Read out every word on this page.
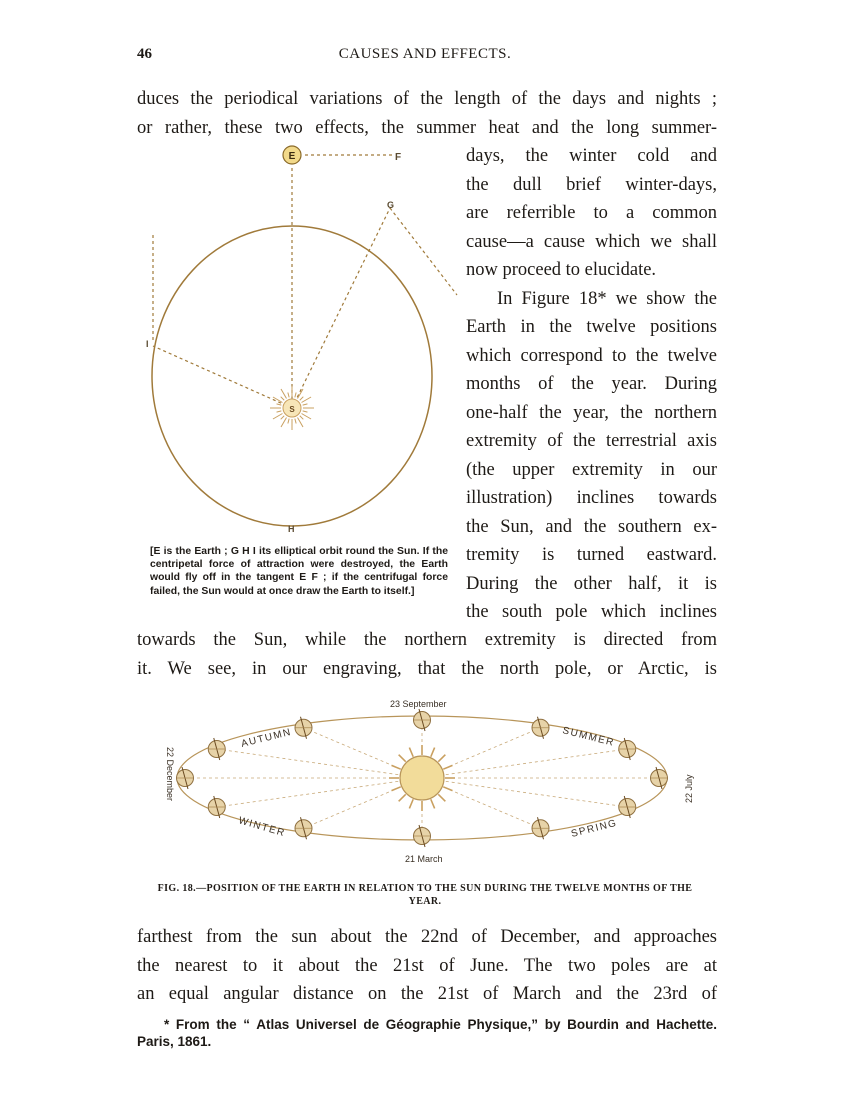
46	CAUSES AND EFFECTS.
duces the periodical variations of the length of the days and nights ;
or rather, these two effects, the summer heat and the long summer-
days, the winter cold and
the dull brief winter-days,
are referrible to a common
cause—a cause which we shall
now proceed to elucidate.
In Figure 18* we show the
Earth in the twelve positions
which correspond to the twelve
months of the year. During
one-half the year, the northern
extremity of the terrestrial axis
(the upper extremity in our
illustration) inclines towards
the Sun, and the southern ex-
tremity is turned eastward.
During the other half, it is
the south pole which inclines
E	F
G
H
I
S
[E is the Earth ; G H I its elliptical orbit round the Sun. If the centripetal force of attraction were destroyed, the Earth would fly off in the tangent E F ; if the centrifugal force failed, the Sun would at once draw the Earth to itself.]
towards the Sun, while the northern extremity is directed from
it. We see, in our engraving, that the north pole, or Arctic, is
23 September
21 March
22 December	22 July
AUTUMN	SUMMER
WINTER	SPRING
FIG. 18.—POSITION OF THE EARTH IN RELATION TO THE SUN DURING THE TWELVE MONTHS OF THE YEAR.
farthest from the sun about the 22nd of December, and approaches
the nearest to it about the 21st of June. The two poles are at
an equal angular distance on the 21st of March and the 23rd of
* From the “ Atlas Universel de Géographie Physique,” by Bourdin and Hachette.
Paris, 1861.
